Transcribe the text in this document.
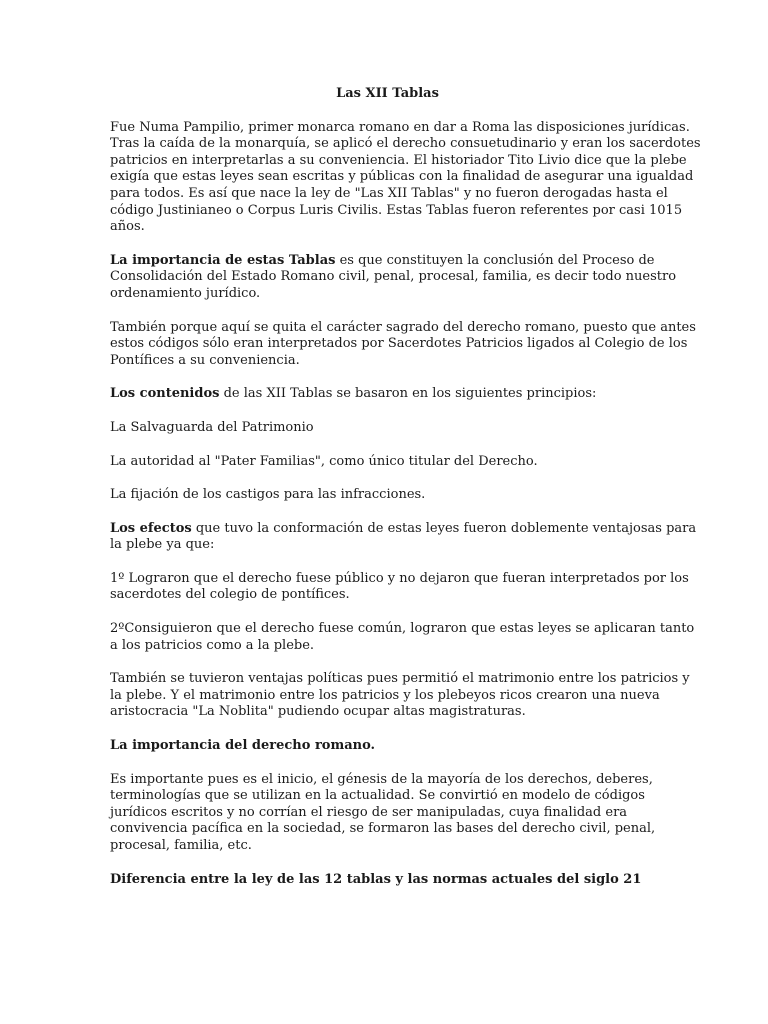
Las XII Tablas

Fue Numa Pampilio, primer monarca romano en dar a Roma las disposiciones jurídicas.
Tras la caída de la monarquía, se aplicó el derecho consuetudinario y eran los sacerdotes
patricios en interpretarlas a su conveniencia. El historiador Tito Livio dice que la plebe
exigía que estas leyes sean escritas y públicas con la finalidad de asegurar una igualdad
para todos. Es así que nace la ley de "Las XII Tablas" y no fueron derogadas hasta el
código Justinianeo o Corpus Luris Civilis. Estas Tablas fueron referentes por casi 1015
años.

La importancia de estas Tablas es que constituyen la conclusión del Proceso de
Consolidación del Estado Romano civil, penal, procesal, familia, es decir todo nuestro
ordenamiento jurídico.

También porque aquí se quita el carácter sagrado del derecho romano, puesto que antes
estos códigos sólo eran interpretados por Sacerdotes Patricios ligados al Colegio de los
Pontífices a su conveniencia.

Los contenidos de las XII Tablas se basaron en los siguientes principios:

La Salvaguarda del Patrimonio

La autoridad al "Pater Familias", como único titular del Derecho.

La fijación de los castigos para las infracciones.

Los efectos que tuvo la conformación de estas leyes fueron doblemente ventajosas para
la plebe ya que:

1º Lograron que el derecho fuese público y no dejaron que fueran interpretados por los
sacerdotes del colegio de pontífices.

2ºConsiguieron que el derecho fuese común, lograron que estas leyes se aplicaran tanto
a los patricios como a la plebe.

También se tuvieron ventajas políticas pues permitió el matrimonio entre los patricios y
la plebe. Y el matrimonio entre los patricios y los plebeyos ricos crearon una nueva
aristocracia "La Noblita" pudiendo ocupar altas magistraturas.

La importancia del derecho romano.

Es importante pues es el inicio, el génesis de la mayoría de los derechos, deberes,
terminologías que se utilizan en la actualidad. Se convirtió en modelo de códigos
jurídicos escritos y no corrían el riesgo de ser manipuladas, cuya finalidad era
convivencia pacífica en la sociedad, se formaron las bases del derecho civil, penal,
procesal, familia, etc.

Diferencia entre la ley de las 12 tablas y las normas actuales del siglo 21
